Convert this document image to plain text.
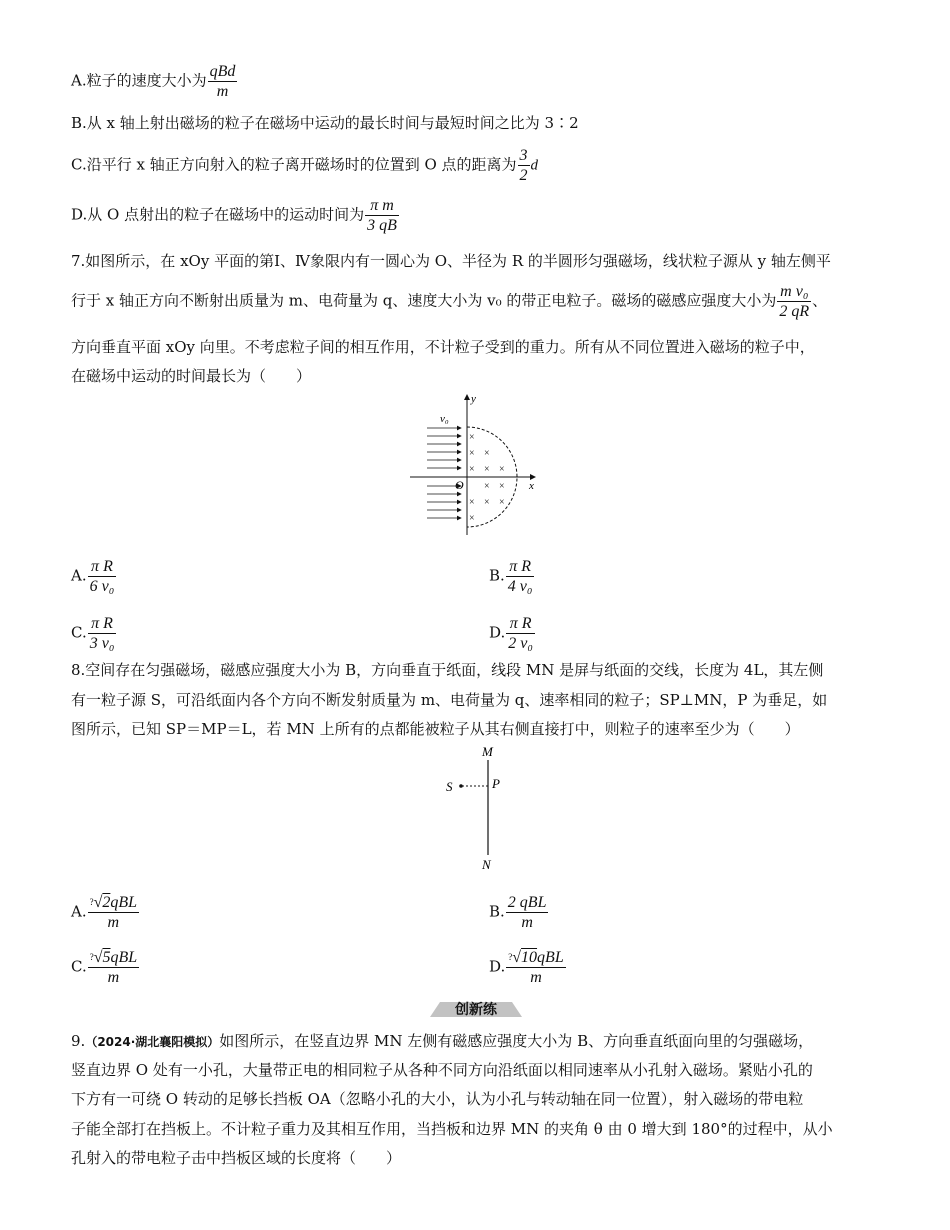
A.粒子的速度大小为 $\frac{\text{qBd}}{m}$
B.从 x 轴上射出磁场的粒子在磁场中运动的最长时间与最短时间之比为 3∶2
C.沿平行 x 轴正方向射入的粒子离开磁场时的位置到 O 点的距离为 $\frac{3}{2}$ d
D.从 O 点射出的粒子在磁场中的运动时间为 $\frac{\text{π m}}{3 qB}$
7.如图所示，在 xOy 平面的第Ⅰ、Ⅳ象限内有一圆心为 O、半径为 R 的半圆形匀强磁场，线状粒子源从 y 轴左侧平
行于 x 轴正方向不断射出质量为 m、电荷量为 q、速度大小为 v₀ 的带正电粒子。磁场的磁感应强度大小为 $\frac{\text{m v₀}}{2 qR}$ 、
方向垂直平面 xOy 向里。不考虑粒子间的相互作用，不计粒子受到的重力。所有从不同位置进入磁场的粒子中，
在磁场中运动的时间最长为（　　）
×
× ×
× × ×
× ×
× × ×
×
v₀
y
x
O
A. $\frac{\text{π R}}{\text{6 v₀}}$	B. $\frac{\text{π R}}{\text{4 v₀}}$
C. $\frac{\text{π R}}{\text{3 v₀}}$	D. $\frac{\text{π R}}{\text{2 v₀}}$
8.空间存在匀强磁场，磁感应强度大小为 B，方向垂直于纸面，线段 MN 是屏与纸面的交线，长度为 4L，其左侧
有一粒子源 S，可沿纸面内各个方向不断发射质量为 m、电荷量为 q、速率相同的粒子；SP⊥MN，P 为垂足，如
图所示，已知 SP＝MP＝L，若 MN 上所有的点都能被粒子从其右侧直接打中，则粒子的速率至少为（　　）
M
S	P
N
A. $\frac{^?√2qBL}{m}$	B. $\frac{\text{2 qBL}}{m}$
C. $\frac{^?√5qBL}{m}$	D. $\frac{^?√10qBL}{m}$
创新练
9.（2024·湖北襄阳模拟）如图所示，在竖直边界 MN 左侧有磁感应强度大小为 B、方向垂直纸面向里的匀强磁场，
竖直边界 O 处有一小孔，大量带正电的相同粒子从各种不同方向沿纸面以相同速率从小孔射入磁场。紧贴小孔的
下方有一可绕 O 转动的足够长挡板 OA（忽略小孔的大小，认为小孔与转动轴在同一位置），射入磁场的带电粒
子能全部打在挡板上。不计粒子重力及其相互作用，当挡板和边界 MN 的夹角 θ 由 0 增大到 180°的过程中，从小
孔射入的带电粒子击中挡板区域的长度将（　　）
